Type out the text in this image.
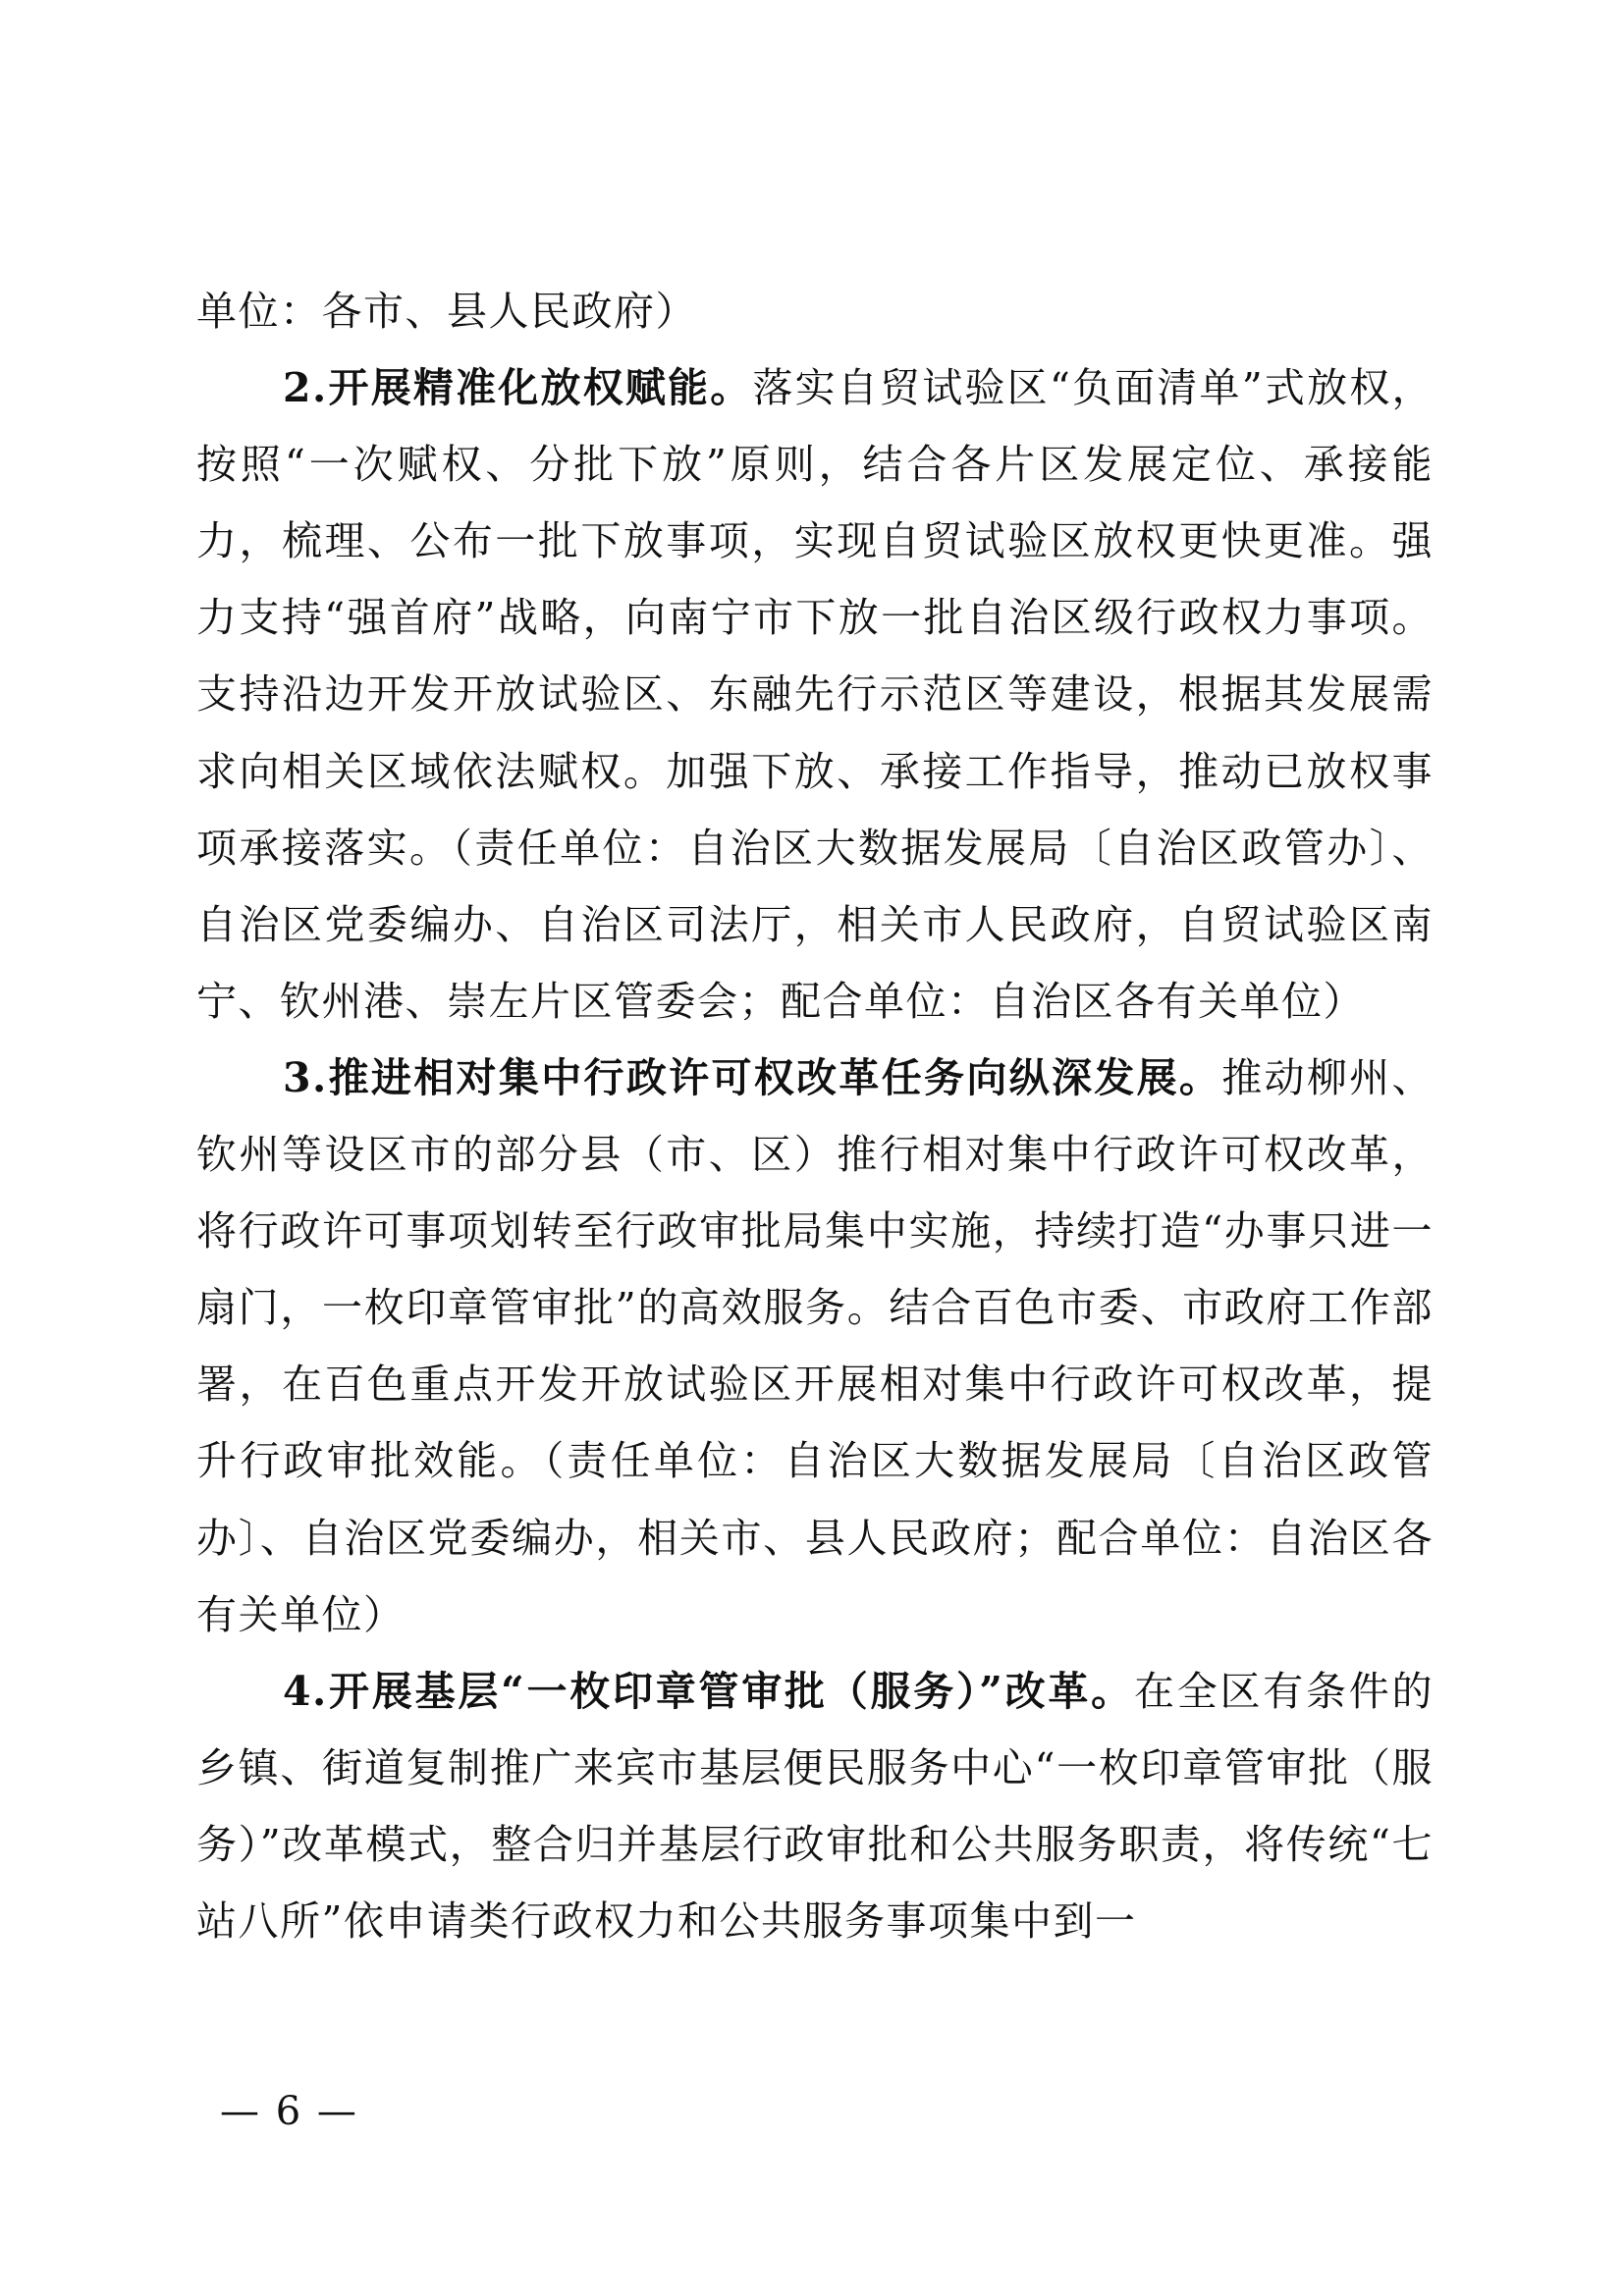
单位：各市、县人民政府）

2.开展精准化放权赋能。落实自贸试验区“负面清单”式放权，按照“一次赋权、分批下放”原则，结合各片区发展定位、承接能力，梳理、公布一批下放事项，实现自贸试验区放权更快更准。强力支持“强首府”战略，向南宁市下放一批自治区级行政权力事项。支持沿边开发开放试验区、东融先行示范区等建设，根据其发展需求向相关区域依法赋权。加强下放、承接工作指导，推动已放权事项承接落实。（责任单位：自治区大数据发展局〔自治区政管办〕、自治区党委编办、自治区司法厅，相关市人民政府，自贸试验区南宁、钦州港、崇左片区管委会；配合单位：自治区各有关单位）

3.推进相对集中行政许可权改革任务向纵深发展。推动柳州、钦州等设区市的部分县（市、区）推行相对集中行政许可权改革，将行政许可事项划转至行政审批局集中实施，持续打造“办事只进一扇门，一枚印章管审批”的高效服务。结合百色市委、市政府工作部署，在百色重点开发开放试验区开展相对集中行政许可权改革，提升行政审批效能。（责任单位：自治区大数据发展局〔自治区政管办〕、自治区党委编办，相关市、县人民政府；配合单位：自治区各有关单位）

4.开展基层“一枚印章管审批（服务）”改革。在全区有条件的乡镇、街道复制推广来宾市基层便民服务中心“一枚印章管审批（服务）”改革模式，整合归并基层行政审批和公共服务职责，将传统“七站八所”依申请类行政权力和公共服务事项集中到一

— 6 —
